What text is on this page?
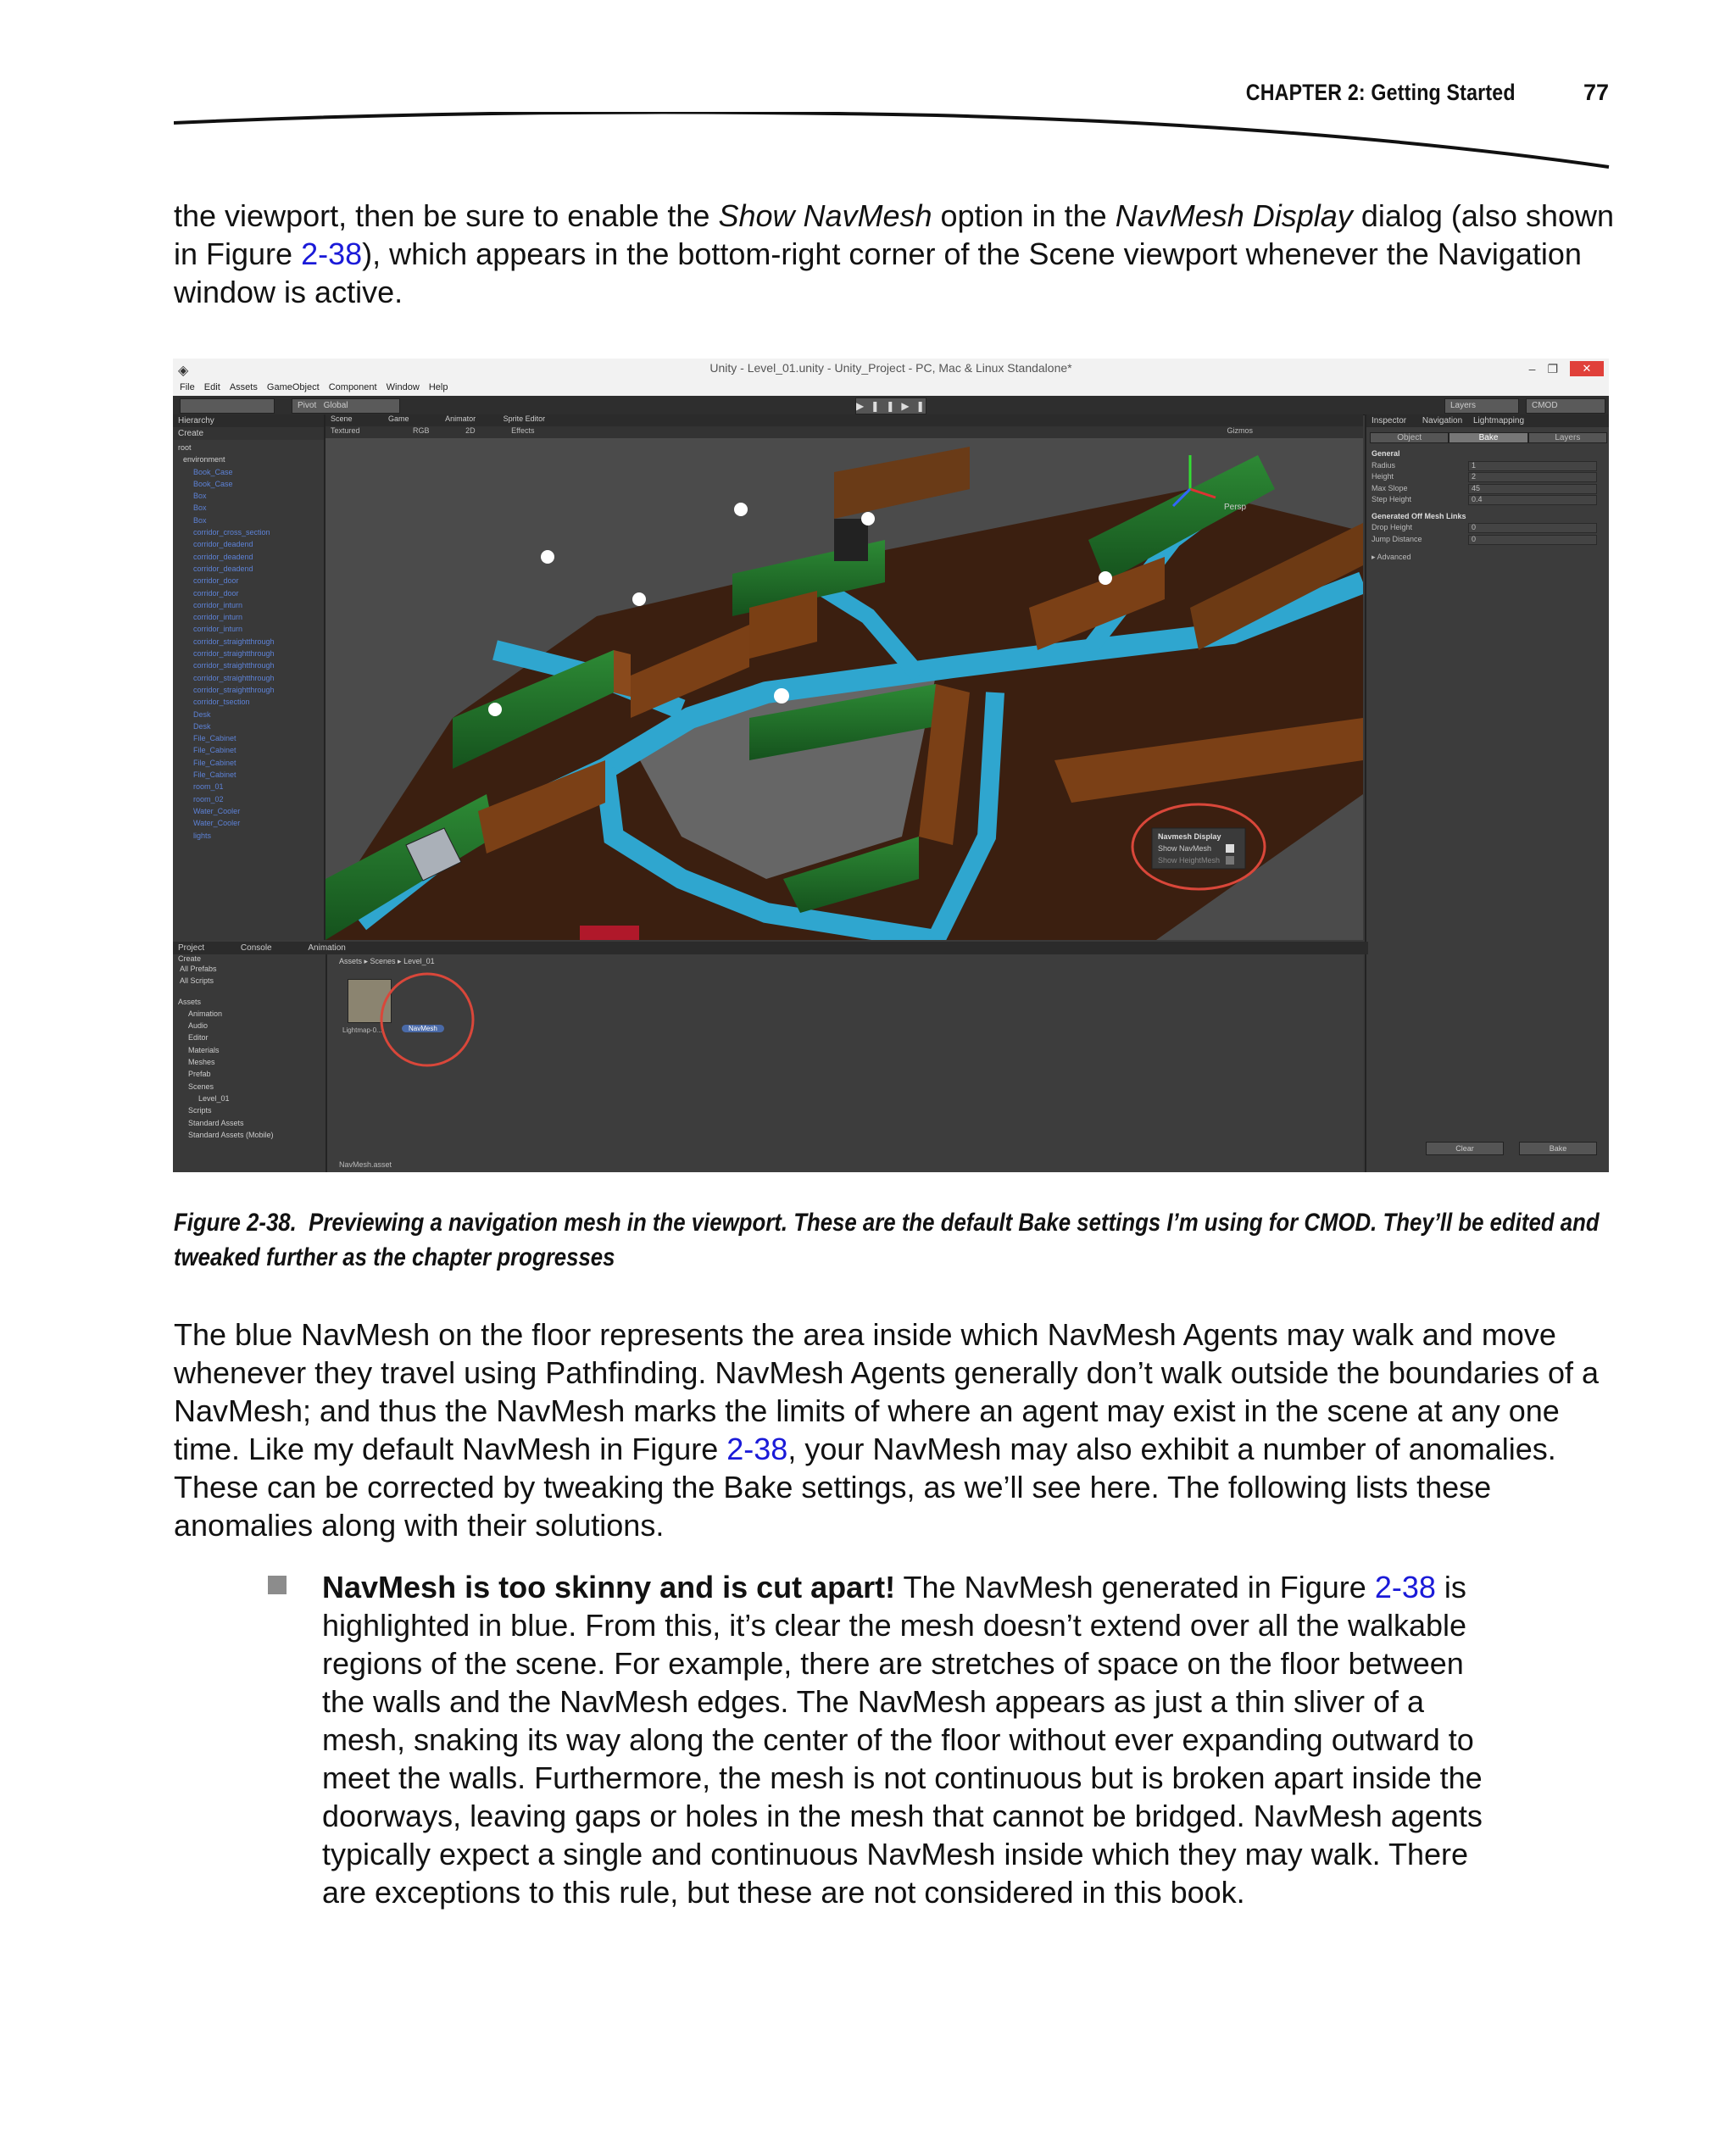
CHAPTER 2: Getting Started	77

the viewport, then be sure to enable the Show NavMesh option in the NavMesh Display dialog (also shown in Figure 2-38), which appears in the bottom-right corner of the Scene viewport whenever the Navigation window is active.

◈	Unity - Level_01.unity - Unity_Project - PC, Mac & Linux Standalone*	– ❐	✕
File Edit Assets GameObject Component Window Help
Pivot Global	▶❚❚▶❚	Layers	CMOD
Hierarchy
Create
root
environment
Book_Case
Book_Case
Box
Box
Box
corridor_cross_section
corridor_deadend
corridor_deadend
corridor_deadend
corridor_door
corridor_door
corridor_inturn
corridor_inturn
corridor_inturn
corridor_straightthrough
corridor_straightthrough
corridor_straightthrough
corridor_straightthrough
corridor_straightthrough
corridor_tsection
Desk
Desk
File_Cabinet
File_Cabinet
File_Cabinet
File_Cabinet
room_01
room_02
Water_Cooler
Water_Cooler
lights
Scene	Game	Animator	Sprite Editor
Textured	RGB	2D	Effects	Gizmos
Persp
Navmesh Display
Show NavMesh
Show HeightMesh
Inspector Navigation Lightmapping
Object	Bake	Layers
General
Radius	1
Height	2
Max Slope	45
Step Height	0.4
Generated Off Mesh Links
Drop Height	0
Jump Distance	0
▸ Advanced
Clear	Bake
Project	Console	Animation
Create
All Prefabs
All Scripts
Assets
Animation
Audio
Editor
Materials
Meshes
Prefab
Scenes
Level_01
Scripts
Standard Assets
Standard Assets (Mobile)
Assets ▸ Scenes ▸ Level_01
Lightmap-0...	NavMesh
NavMesh.asset
Figure 2-38. Previewing a navigation mesh in the viewport. These are the default Bake settings I’m using for CMOD. They’ll be edited and tweaked further as the chapter progresses

The blue NavMesh on the floor represents the area inside which NavMesh Agents may walk and move whenever they travel using Pathfinding. NavMesh Agents generally don’t walk outside the boundaries of a NavMesh; and thus the NavMesh marks the limits of where an agent may exist in the scene at any one time. Like my default NavMesh in Figure 2-38, your NavMesh may also exhibit a number of anomalies. These can be corrected by tweaking the Bake settings, as we’ll see here. The following lists these anomalies along with their solutions.

NavMesh is too skinny and is cut apart! The NavMesh generated in Figure 2-38 is highlighted in blue. From this, it’s clear the mesh doesn’t extend over all the walkable regions of the scene. For example, there are stretches of space on the floor between the walls and the NavMesh edges. The NavMesh appears as just a thin sliver of a mesh, snaking its way along the center of the floor without ever expanding outward to meet the walls. Furthermore, the mesh is not continuous but is broken apart inside the doorways, leaving gaps or holes in the mesh that cannot be bridged. NavMesh agents typically expect a single and continuous NavMesh inside which they may walk. There are exceptions to this rule, but these are not considered in this book.
